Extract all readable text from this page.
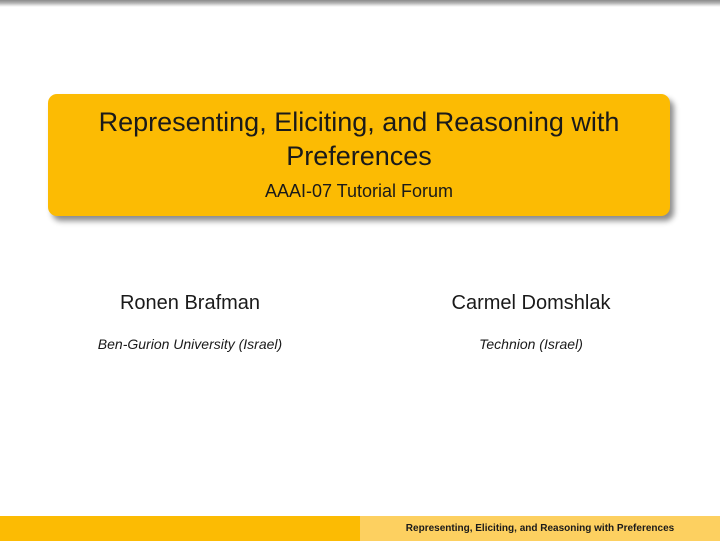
Representing, Eliciting, and Reasoning with Preferences
AAAI-07 Tutorial Forum
Ronen Brafman
Ben-Gurion University (Israel)
Carmel Domshlak
Technion (Israel)
Representing, Eliciting, and Reasoning with Preferences
